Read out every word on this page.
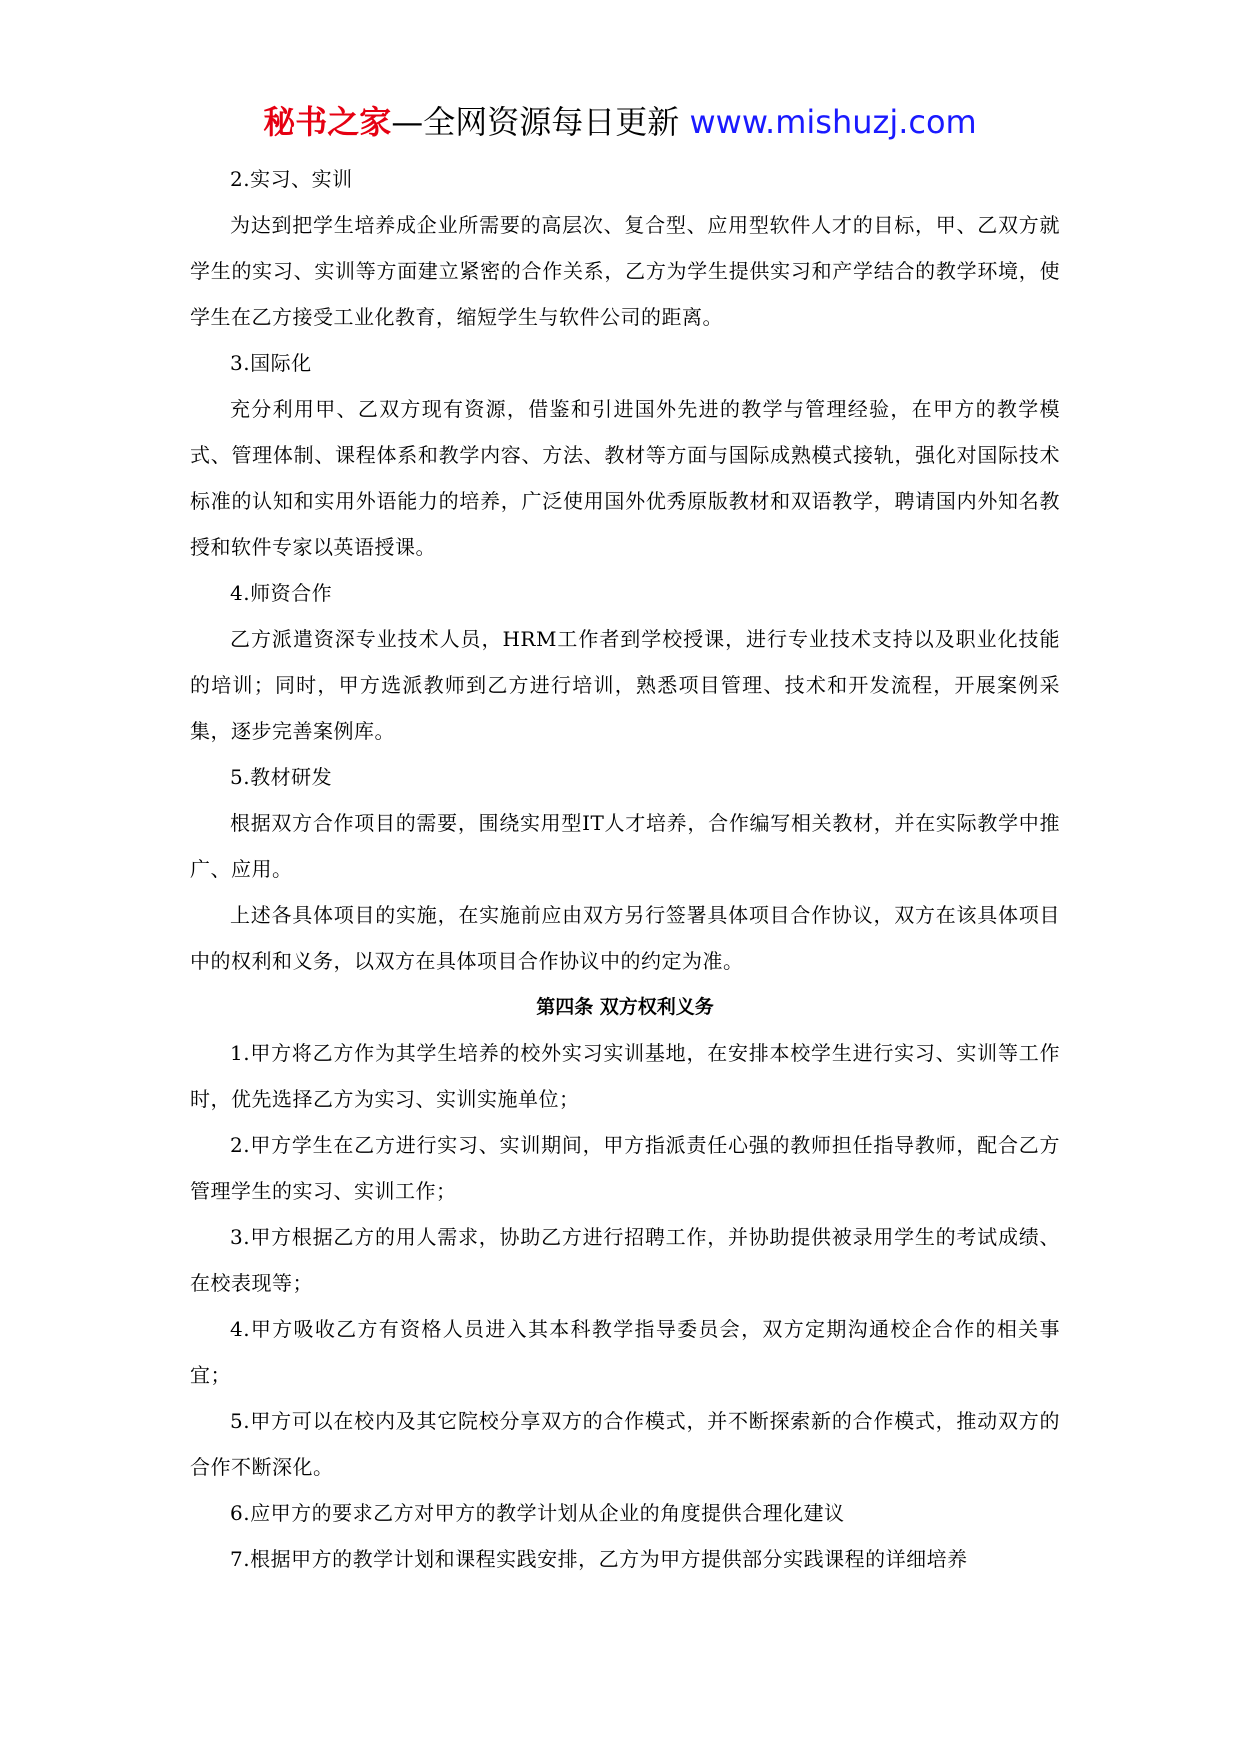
秘书之家—全网资源每日更新 www.mishuzj.com

2.实习、实训

为达到把学生培养成企业所需要的高层次、复合型、应用型软件人才的目标，甲、乙双方就学生的实习、实训等方面建立紧密的合作关系，乙方为学生提供实习和产学结合的教学环境，使学生在乙方接受工业化教育，缩短学生与软件公司的距离。

3.国际化

充分利用甲、乙双方现有资源，借鉴和引进国外先进的教学与管理经验，在甲方的教学模式、管理体制、课程体系和教学内容、方法、教材等方面与国际成熟模式接轨，强化对国际技术标准的认知和实用外语能力的培养，广泛使用国外优秀原版教材和双语教学，聘请国内外知名教授和软件专家以英语授课。

4.师资合作

乙方派遣资深专业技术人员，HRM工作者到学校授课，进行专业技术支持以及职业化技能的培训；同时，甲方选派教师到乙方进行培训，熟悉项目管理、技术和开发流程，开展案例采集，逐步完善案例库。

5.教材研发

根据双方合作项目的需要，围绕实用型IT人才培养，合作编写相关教材，并在实际教学中推广、应用。

上述各具体项目的实施，在实施前应由双方另行签署具体项目合作协议，双方在该具体项目中的权利和义务，以双方在具体项目合作协议中的约定为准。

第四条 双方权利义务

1.甲方将乙方作为其学生培养的校外实习实训基地，在安排本校学生进行实习、实训等工作时，优先选择乙方为实习、实训实施单位；

2.甲方学生在乙方进行实习、实训期间，甲方指派责任心强的教师担任指导教师，配合乙方管理学生的实习、实训工作；

3.甲方根据乙方的用人需求，协助乙方进行招聘工作，并协助提供被录用学生的考试成绩、在校表现等；

4.甲方吸收乙方有资格人员进入其本科教学指导委员会，双方定期沟通校企合作的相关事宜；

5.甲方可以在校内及其它院校分享双方的合作模式，并不断探索新的合作模式，推动双方的合作不断深化。

6.应甲方的要求乙方对甲方的教学计划从企业的角度提供合理化建议

7.根据甲方的教学计划和课程实践安排，乙方为甲方提供部分实践课程的详细培养
